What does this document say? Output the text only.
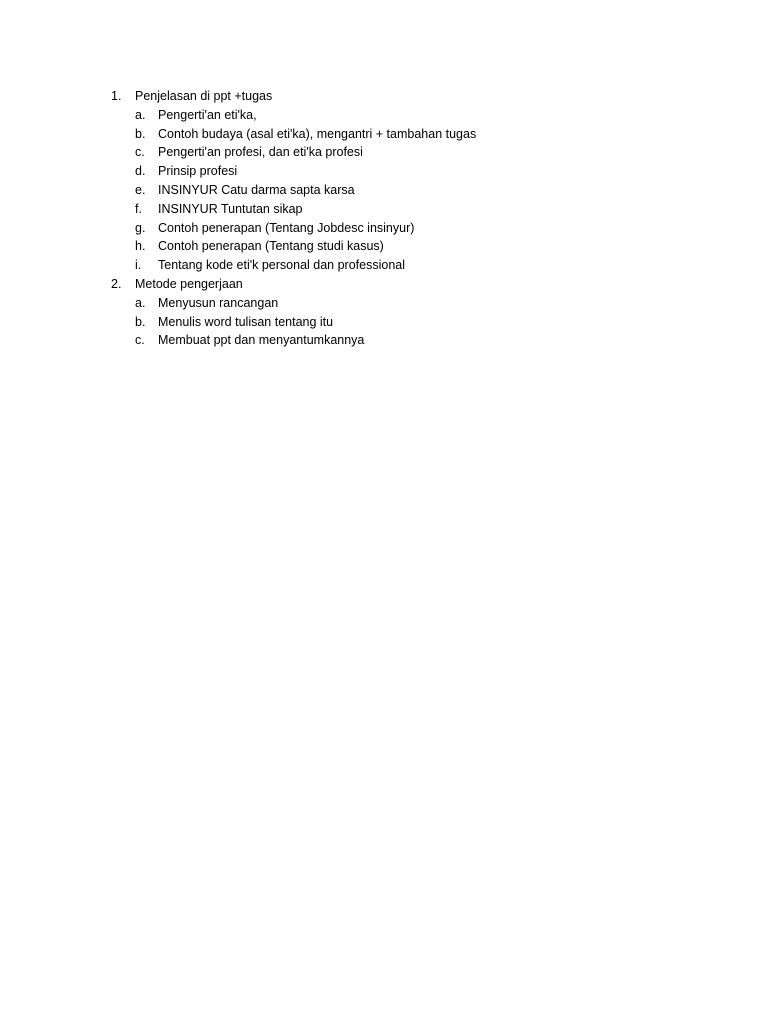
1. Penjelasan di ppt +tugas
a. Pengerti'an eti'ka,
b. Contoh budaya (asal eti'ka), mengantri + tambahan tugas
c. Pengerti'an profesi, dan eti'ka profesi
d. Prinsip profesi
e. INSINYUR Catu darma sapta karsa
f. INSINYUR Tuntutan sikap
g. Contoh penerapan (Tentang Jobdesc insinyur)
h. Contoh penerapan (Tentang studi kasus)
i. Tentang kode eti'k personal dan professional
2. Metode pengerjaan
a. Menyusun rancangan
b. Menulis word tulisan tentang itu
c. Membuat ppt dan menyantumkannya
